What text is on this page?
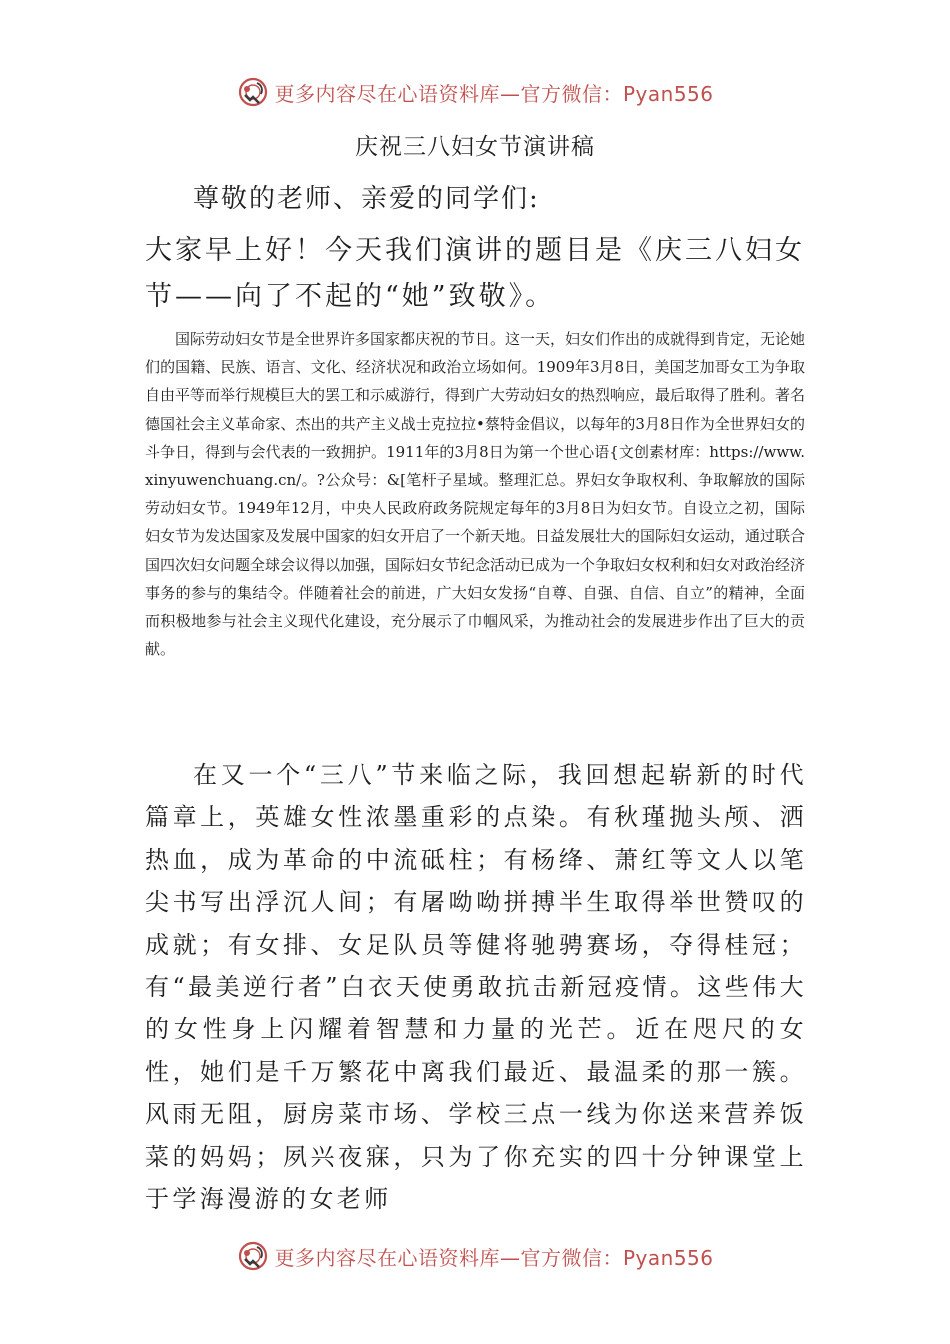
更多内容尽在心语资料库—官方微信：Pyan556
庆祝三八妇女节演讲稿

尊敬的老师、亲爱的同学们:

大家早上好！今天我们演讲的题目是《庆三八妇女节——向了不起的“她”致敬》。

国际劳动妇女节是全世界许多国家都庆祝的节日。这一天，妇女们作出的成就得到肯定，无论她们的国籍、民族、语言、文化、经济状况和政治立场如何。1909年3月8日，美国芝加哥女工为争取自由平等而举行规模巨大的罢工和示威游行，得到广大劳动妇女的热烈响应，最后取得了胜利。著名德国社会主义革命家、杰出的共产主义战士克拉拉•蔡特金倡议，以每年的3月8日作为全世界妇女的斗争日，得到与会代表的一致拥护。1911年的3月8日为第一个世心语{文创素材库：https://www.xinyuwenchuang.cn/。?公众号：&[笔杆子星域。整理汇总。界妇女争取权利、争取解放的国际劳动妇女节。1949年12月，中央人民政府政务院规定每年的3月8日为妇女节。自设立之初，国际妇女节为发达国家及发展中国家的妇女开启了一个新天地。日益发展壮大的国际妇女运动，通过联合国四次妇女问题全球会议得以加强，国际妇女节纪念活动已成为一个争取妇女权利和妇女对政治经济事务的参与的集结令。伴随着社会的前进，广大妇女发扬“自尊、自强、自信、自立”的精神，全面而积极地参与社会主义现代化建设，充分展示了巾帼风采，为推动社会的发展进步作出了巨大的贡献。

在又一个“三八”节来临之际，我回想起崭新的时代篇章上，英雄女性浓墨重彩的点染。有秋瑾抛头颅、洒热血，成为革命的中流砥柱；有杨绛、萧红等文人以笔尖书写出浮沉人间；有屠呦呦拼搏半生取得举世赞叹的成就；有女排、女足队员等健将驰骋赛场，夺得桂冠；有“最美逆行者”白衣天使勇敢抗击新冠疫情。这些伟大的女性身上闪耀着智慧和力量的光芒。近在咫尺的女性，她们是千万繁花中离我们最近、最温柔的那一簇。风雨无阻，厨房菜市场、学校三点一线为你送来营养饭菜的妈妈；夙兴夜寐，只为了你充实的四十分钟课堂上于学海漫游的女老师

更多内容尽在心语资料库—官方微信：Pyan556
